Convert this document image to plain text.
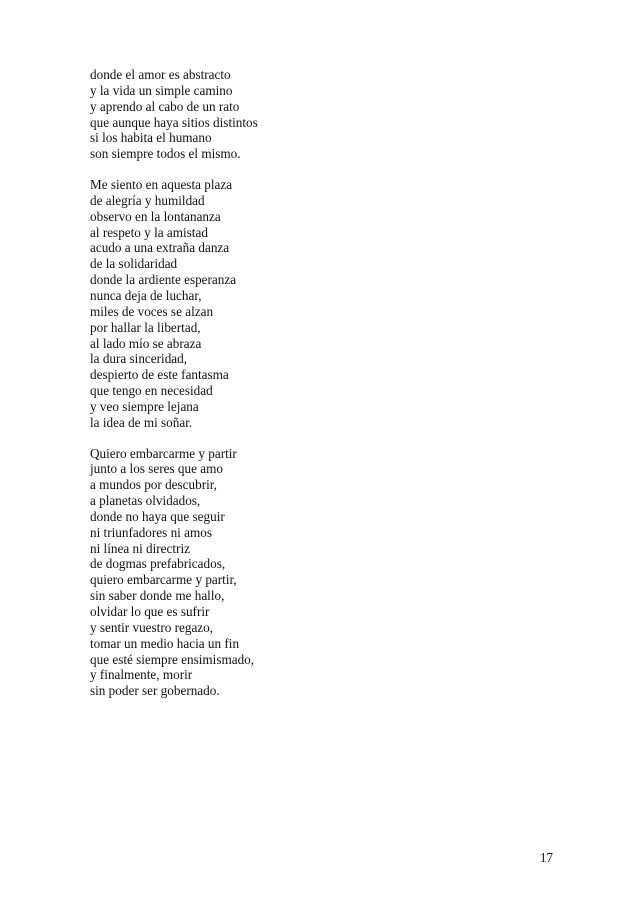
donde el amor es abstracto
y la vida un simple camino
y aprendo al cabo de un rato
que aunque haya sitios distintos
si los habita el humano
son siempre todos el mismo.
Me siento en aquesta plaza
de alegría y humildad
observo en la lontananza
al respeto y la amistad
acudo a una extraña danza
de la solidaridad
donde la ardiente esperanza
nunca deja de luchar,
miles de voces se alzan
por hallar la libertad,
al lado mío se abraza
la dura sinceridad,
despierto de este fantasma
que tengo en necesidad
y veo siempre lejana
la idea de mi soñar.
Quiero embarcarme y partir
junto a los seres que amo
a mundos por descubrir,
a planetas olvidados,
donde no haya que seguir
ni triunfadores ni amos
ni línea ni directriz
de dogmas prefabricados,
quiero embarcarme y partir,
sin saber donde me hallo,
olvidar lo que es sufrir
y sentir vuestro regazo,
tomar un medio hacia un fin
que esté siempre ensimismado,
y finalmente, morir
sin poder ser gobernado.
17
